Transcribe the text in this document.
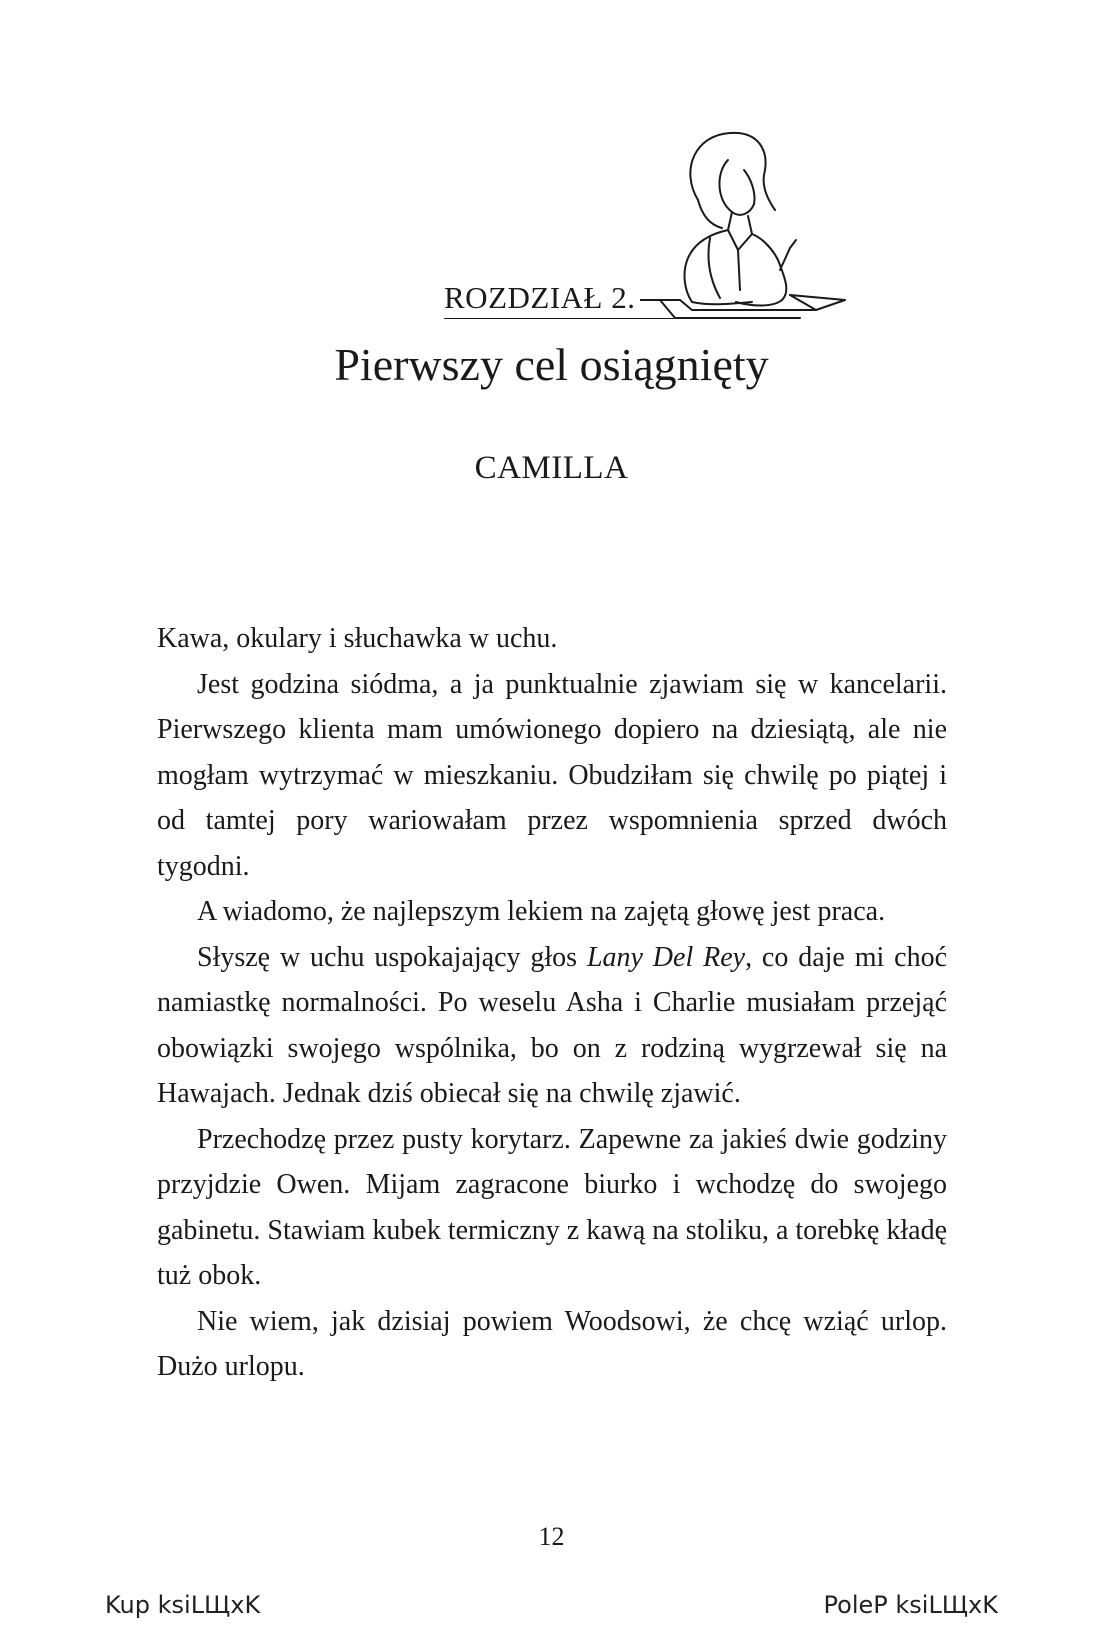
ROZDZIAŁ 2.
Pierwszy cel osiągnięty
CAMILLA

Kawa, okulary i słuchawka w uchu.

Jest godzina siódma, a ja punktualnie zjawiam się w kancelarii. Pierwszego klienta mam umówionego dopiero na dziesiątą, ale nie mogłam wytrzymać w mieszkaniu. Obudziłam się chwilę po piątej i od tamtej pory wariowałam przez wspomnienia sprzed dwóch tygodni.

A wiadomo, że najlepszym lekiem na zajętą głowę jest praca.

Słyszę w uchu uspokajający głos Lany Del Rey, co daje mi choć namiastkę normalności. Po weselu Asha i Charlie musiałam przejąć obowiązki swojego wspólnika, bo on z rodziną wygrzewał się na Hawajach. Jednak dziś obiecał się na chwilę zjawić.

Przechodzę przez pusty korytarz. Zapewne za jakieś dwie godziny przyjdzie Owen. Mijam zagracone biurko i wchodzę do swojego gabinetu. Stawiam kubek termiczny z kawą na stoliku, a torebkę kładę tuż obok.

Nie wiem, jak dzisiaj powiem Woodsowi, że chcę wziąć urlop. Dużo urlopu.

12
Kup ksiLЩxK	PoleP ksiLЩxK
